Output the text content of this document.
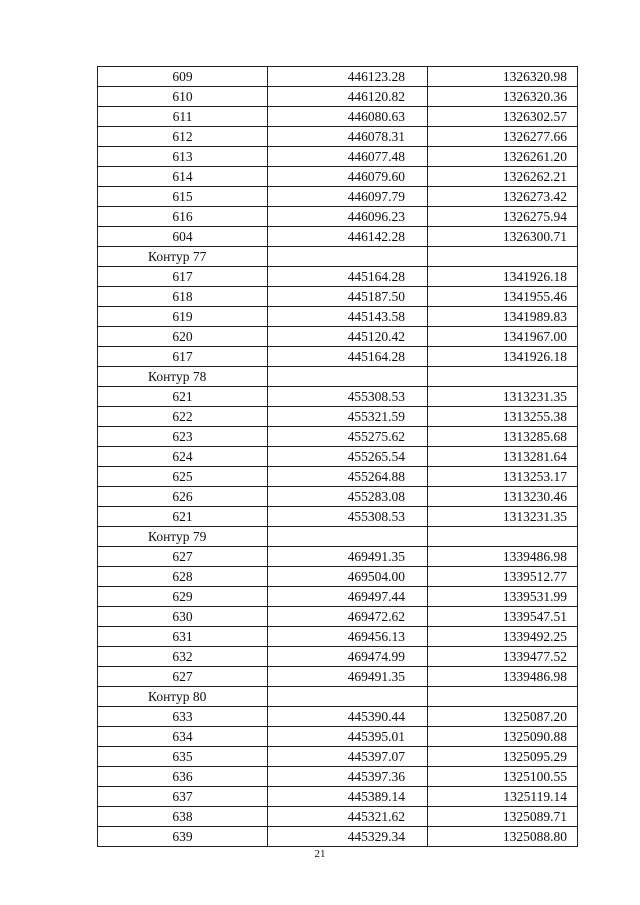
609	446123.28	1326320.98
610	446120.82	1326320.36
611	446080.63	1326302.57
612	446078.31	1326277.66
613	446077.48	1326261.20
614	446079.60	1326262.21
615	446097.79	1326273.42
616	446096.23	1326275.94
604	446142.28	1326300.71
Контур 77		
617	445164.28	1341926.18
618	445187.50	1341955.46
619	445143.58	1341989.83
620	445120.42	1341967.00
617	445164.28	1341926.18
Контур 78		
621	455308.53	1313231.35
622	455321.59	1313255.38
623	455275.62	1313285.68
624	455265.54	1313281.64
625	455264.88	1313253.17
626	455283.08	1313230.46
621	455308.53	1313231.35
Контур 79		
627	469491.35	1339486.98
628	469504.00	1339512.77
629	469497.44	1339531.99
630	469472.62	1339547.51
631	469456.13	1339492.25
632	469474.99	1339477.52
627	469491.35	1339486.98
Контур 80		
633	445390.44	1325087.20
634	445395.01	1325090.88
635	445397.07	1325095.29
636	445397.36	1325100.55
637	445389.14	1325119.14
638	445321.62	1325089.71
639	445329.34	1325088.80
21
